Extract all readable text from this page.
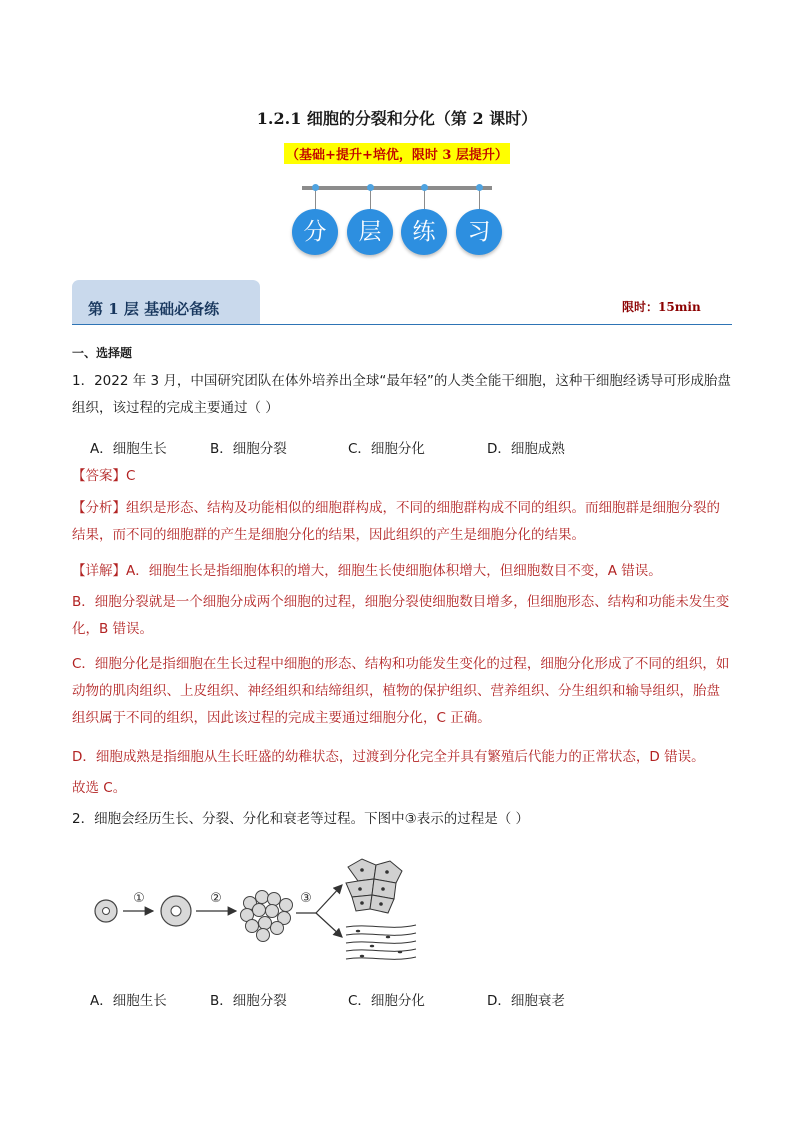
1.2.1 细胞的分裂和分化（第 2 课时）
（基础+提升+培优，限时 3 层提升）
分	层	练	习
第 1 层 基础必备练	限时：15min
一、选择题
1．2022 年 3 月，中国研究团队在体外培养出全球“最年轻”的人类全能干细胞，这种干细胞经诱导可形成胎盘组织，该过程的完成主要通过（ ）
A．细胞生长	B．细胞分裂	C．细胞分化	D．细胞成熟
【答案】C
【分析】组织是形态、结构及功能相似的细胞群构成，不同的细胞群构成不同的组织。而细胞群是细胞分裂的结果，而不同的细胞群的产生是细胞分化的结果，因此组织的产生是细胞分化的结果。
【详解】A．细胞生长是指细胞体积的增大，细胞生长使细胞体积增大，但细胞数目不变，A 错误。
B．细胞分裂就是一个细胞分成两个细胞的过程，细胞分裂使细胞数目增多，但细胞形态、结构和功能未发生变化，B 错误。
C．细胞分化是指细胞在生长过程中细胞的形态、结构和功能发生变化的过程，细胞分化形成了不同的组织，如动物的肌肉组织、上皮组织、神经组织和结缔组织，植物的保护组织、营养组织、分生组织和输导组织，胎盘组织属于不同的组织，因此该过程的完成主要通过细胞分化，C 正确。
D．细胞成熟是指细胞从生长旺盛的幼稚状态，过渡到分化完全并具有繁殖后代能力的正常状态，D 错误。
故选 C。
2．细胞会经历生长、分裂、分化和衰老等过程。下图中③表示的过程是（ ）
①	②	③
A．细胞生长	B．细胞分裂	C．细胞分化	D．细胞衰老
